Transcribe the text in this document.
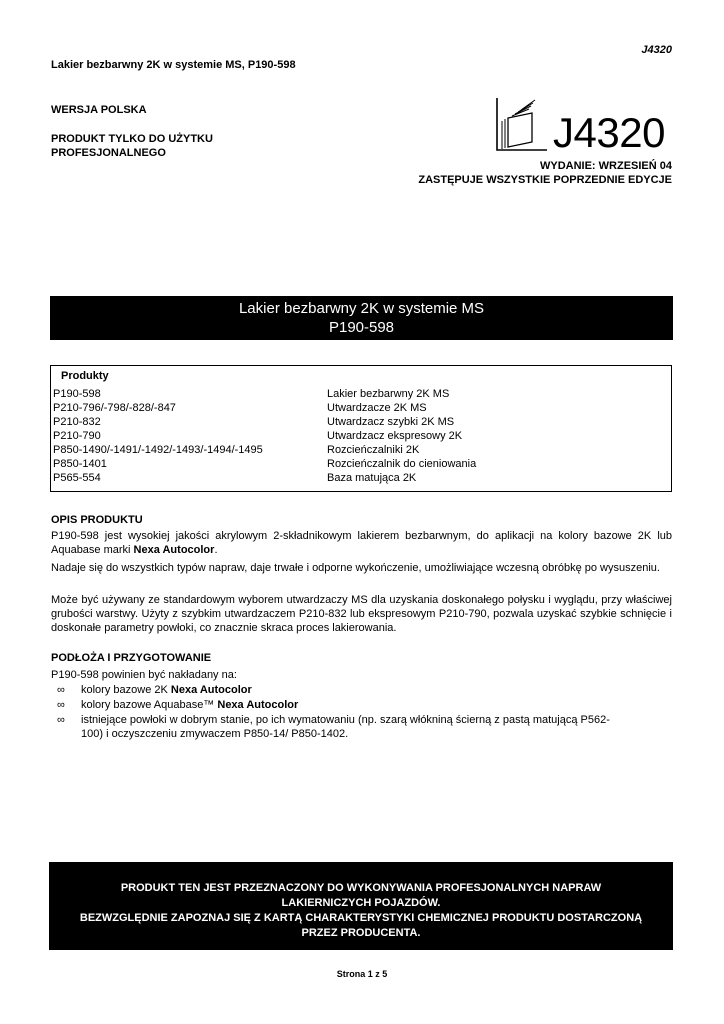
J4320
Lakier bezbarwny 2K w systemie MS, P190-598
WERSJA POLSKA
PRODUKT TYLKO DO UŻYTKU
PROFESJONALNEGO	J4320
WYDANIE: WRZESIEŃ 04
ZASTĘPUJE WSZYSTKIE POPRZEDNIE EDYCJE
Lakier bezbarwny 2K w systemie MS
P190-598
Produkty
P190-598	Lakier bezbarwny 2K MS
P210-796/-798/-828/-847	Utwardzacze 2K MS
P210-832	Utwardzacz szybki 2K MS
P210-790	Utwardzacz ekspresowy 2K
P850-1490/-1491/-1492/-1493/-1494/-1495	Rozcieńczalniki 2K
P850-1401	Rozcieńczalnik do cieniowania
P565-554	Baza matująca 2K
OPIS PRODUKTU
P190-598 jest wysokiej jakości akrylowym 2-składnikowym lakierem bezbarwnym, do aplikacji na kolory bazowe 2K lub Aquabase marki Nexa Autocolor.
Nadaje się do wszystkich typów napraw, daje trwałe i odporne wykończenie, umożliwiające wczesną obróbkę po wysuszeniu.
Może być używany ze standardowym wyborem utwardzaczy MS dla uzyskania doskonałego połysku i wyglądu, przy właściwej grubości warstwy. Użyty z szybkim utwardzaczem P210-832 lub ekspresowym P210-790, pozwala uzyskać szybkie schnięcie i doskonałe parametry powłoki, co znacznie skraca proces lakierowania.
PODŁOŻA I PRZYGOTOWANIE
P190-598 powinien być nakładany na:
∞ kolory bazowe 2K Nexa Autocolor
∞ kolory bazowe Aquabase™ Nexa Autocolor
∞ istniejące powłoki w dobrym stanie, po ich wymatowaniu (np. szarą włókniną ścierną z pastą matującą P562-
100) i oczyszczeniu zmywaczem P850-14/ P850-1402.
PRODUKT TEN JEST PRZEZNACZONY DO WYKONYWANIA PROFESJONALNYCH NAPRAW
LAKIERNICZYCH POJAZDÓW.
BEZWZGLĘDNIE ZAPOZNAJ SIĘ Z KARTĄ CHARAKTERYSTYKI CHEMICZNEJ PRODUKTU DOSTARCZONĄ
PRZEZ PRODUCENTA.
Strona 1 z 5
